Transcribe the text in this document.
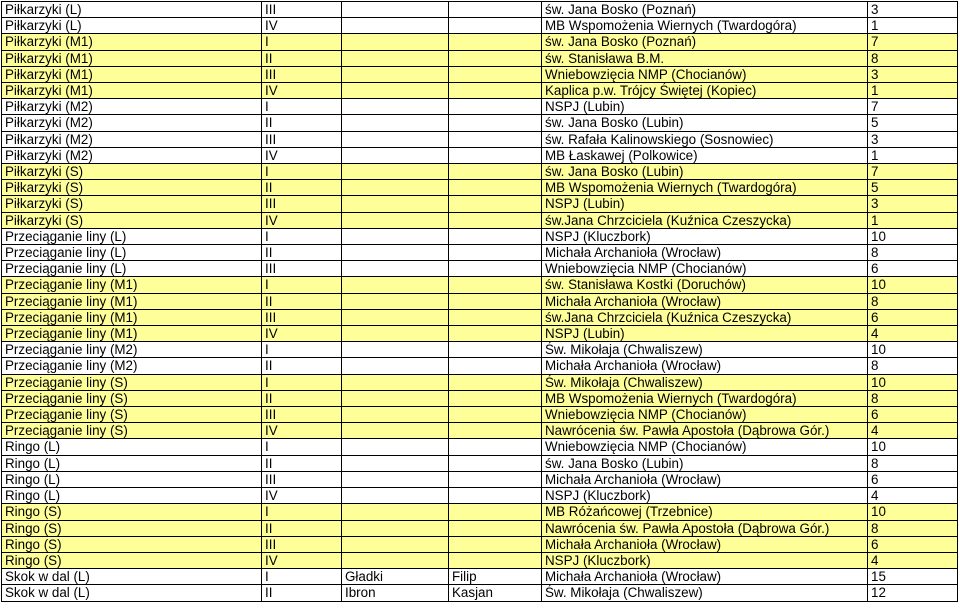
Piłkarzyki (L)	III			św. Jana Bosko (Poznań)	3
Piłkarzyki (L)	IV			MB Wspomożenia Wiernych (Twardogóra)	1
Piłkarzyki (M1)	I			św. Jana Bosko (Poznań)	7
Piłkarzyki (M1)	II			św. Stanisława B.M.	8
Piłkarzyki (M1)	III			Wniebowzięcia NMP (Chocianów)	3
Piłkarzyki (M1)	IV			Kaplica p.w. Trójcy Świętej (Kopiec)	1
Piłkarzyki (M2)	I			NSPJ (Lubin)	7
Piłkarzyki (M2)	II			św. Jana Bosko (Lubin)	5
Piłkarzyki (M2)	III			św. Rafała Kalinowskiego (Sosnowiec)	3
Piłkarzyki (M2)	IV			MB Łaskawej (Polkowice)	1
Piłkarzyki (S)	I			św. Jana Bosko (Lubin)	7
Piłkarzyki (S)	II			MB Wspomożenia Wiernych (Twardogóra)	5
Piłkarzyki (S)	III			NSPJ (Lubin)	3
Piłkarzyki (S)	IV			św.Jana Chrzciciela (Kuźnica Czeszycka)	1
Przeciąganie liny (L)	I			NSPJ (Kluczbork)	10
Przeciąganie liny (L)	II			Michała Archanioła (Wrocław)	8
Przeciąganie liny (L)	III			Wniebowzięcia NMP (Chocianów)	6
Przeciąganie liny (M1)	I			św. Stanisława Kostki (Doruchów)	10
Przeciąganie liny (M1)	II			Michała Archanioła (Wrocław)	8
Przeciąganie liny (M1)	III			św.Jana Chrzciciela (Kuźnica Czeszycka)	6
Przeciąganie liny (M1)	IV			NSPJ (Lubin)	4
Przeciąganie liny (M2)	I			Św. Mikołaja (Chwaliszew)	10
Przeciąganie liny (M2)	II			Michała Archanioła (Wrocław)	8
Przeciąganie liny (S)	I			Św. Mikołaja (Chwaliszew)	10
Przeciąganie liny (S)	II			MB Wspomożenia Wiernych (Twardogóra)	8
Przeciąganie liny (S)	III			Wniebowzięcia NMP (Chocianów)	6
Przeciąganie liny (S)	IV			Nawrócenia św. Pawła Apostoła (Dąbrowa Gór.)	4
Ringo (L)	I			Wniebowzięcia NMP (Chocianów)	10
Ringo (L)	II			św. Jana Bosko (Lubin)	8
Ringo (L)	III			Michała Archanioła (Wrocław)	6
Ringo (L)	IV			NSPJ (Kluczbork)	4
Ringo (S)	I			MB Różańcowej (Trzebnice)	10
Ringo (S)	II			Nawrócenia św. Pawła Apostoła (Dąbrowa Gór.)	8
Ringo (S)	III			Michała Archanioła (Wrocław)	6
Ringo (S)	IV			NSPJ (Kluczbork)	4
Skok w dal (L)	I	Gładki	Filip	Michała Archanioła (Wrocław)	15
Skok w dal (L)	II	Ibron	Kasjan	Św. Mikołaja (Chwaliszew)	12
